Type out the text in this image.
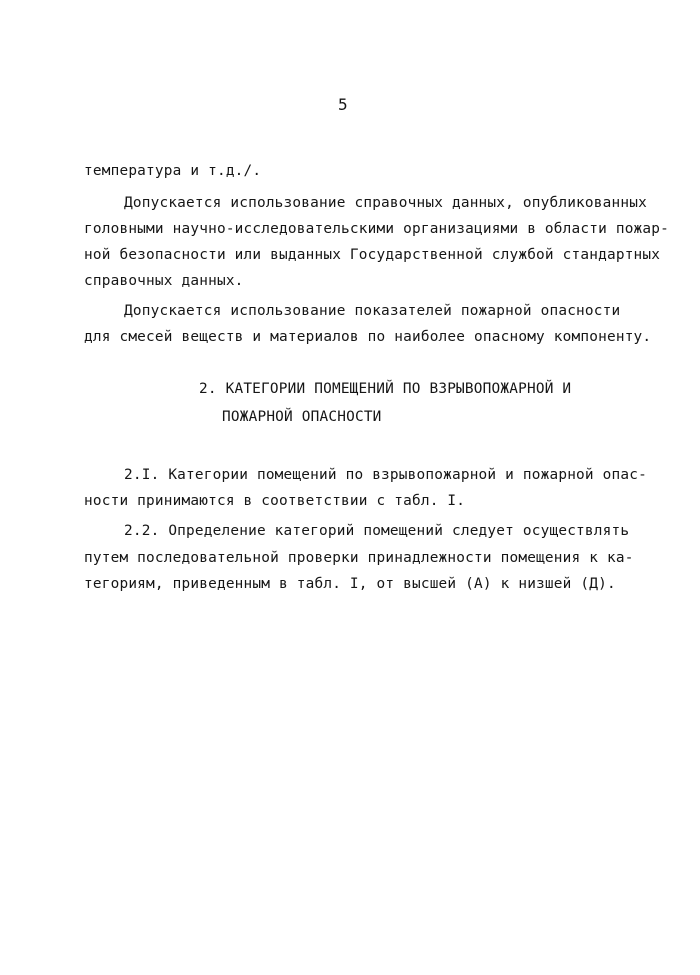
5
температура и т.д./.
Допускается использование справочных данных, опубликованных
головными научно-исследовательскими организациями в области пожар-
ной безопасности или выданных Государственной службой стандартных
справочных данных.
Допускается использование показателей пожарной опасности
для смесей веществ и материалов по наиболее опасному компоненту.
2. КАТЕГОРИИ ПОМЕЩЕНИЙ ПО ВЗРЫВОПОЖАРНОЙ И
ПОЖАРНОЙ ОПАСНОСТИ
2.I. Категории помещений по взрывопожарной и пожарной опас-
ности принимаются в соответствии с табл. I.
2.2. Определение категорий помещений следует осуществлять
путем последовательной проверки принадлежности помещения к ка-
тегориям, приведенным в табл. I, от высшей (А) к низшей (Д).
